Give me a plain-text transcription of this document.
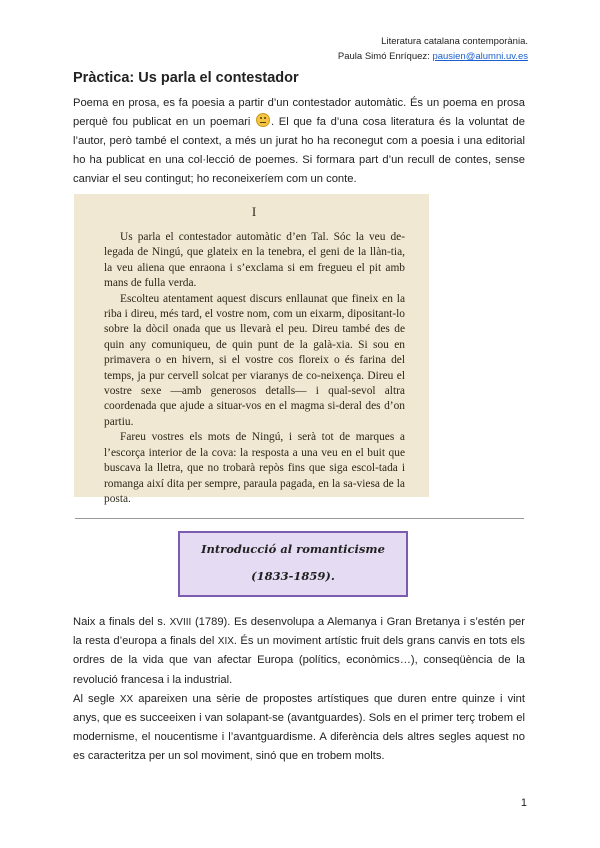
Literatura catalana contemporània.
Paula Simó Enríquez: pausien@alumni.uv.es
Pràctica: Us parla el contestador
Poema en prosa, es fa poesia a partir d’un contestador automàtic. És un poema en prosa perquè fou publicat en un poemari
. El que fa d’una cosa literatura és la voluntat de l’autor, però també el context, a més un jurat ho ha reconegut com a poesia i una editorial ho ha publicat en una col·lecció de poemes. Si formara part d’un recull de contes, sense canviar el seu contingut; ho reconeixeríem com un conte.
I

Us parla el contestador automàtic d’en Tal. Sóc la veu de-legada de Ningú, que glateix en la tenebra, el geni de la llàn-tia, la veu aliena que enraona i s’exclama si em fregueu el pit amb mans de fulla verda.

Escolteu atentament aquest discurs enllaunat que fineix en la riba i direu, més tard, el vostre nom, com un eixarm, dipositant-lo sobre la dòcil onada que us llevarà el peu. Direu també des de quin any comuniqueu, de quin punt de la galà-xia. Si sou en primavera o en hivern, si el vostre cos floreix o és farina del temps, ja pur cervell solcat per viaranys de co-neixença. Direu el vostre sexe —amb generosos detalls— i qual-sevol altra coordenada que ajude a situar-vos en el magma si-deral des d’on partiu.

Fareu vostres els mots de Ningú, i serà tot de marques a l’escorça interior de la cova: la resposta a una veu en el buit que buscava la lletra, que no trobarà repòs fins que siga escol-tada i romanga així dita per sempre, paraula pagada, en la sa-viesa de la posta.

Introducció al romanticisme
(1833-1859).

Naix a finals del s. XVIII (1789). Es desenvolupa a Alemanya i Gran Bretanya i s’estén per la resta d’europa a finals del XIX. És un moviment artístic fruit dels grans canvis en tots els ordres de la vida que van afectar Europa (polítics, econòmics…), conseqüència de la revolució francesa i la industrial.

Al segle XX apareixen una sèrie de propostes artístiques que duren entre quinze i vint anys, que es succeeixen i van solapant-se (avantguardes). Sols en el primer terç trobem el modernisme, el noucentisme i l’avantguardisme. A diferència dels altres segles aquest no es caracteritza per un sol moviment, sinó que en trobem molts.

1
